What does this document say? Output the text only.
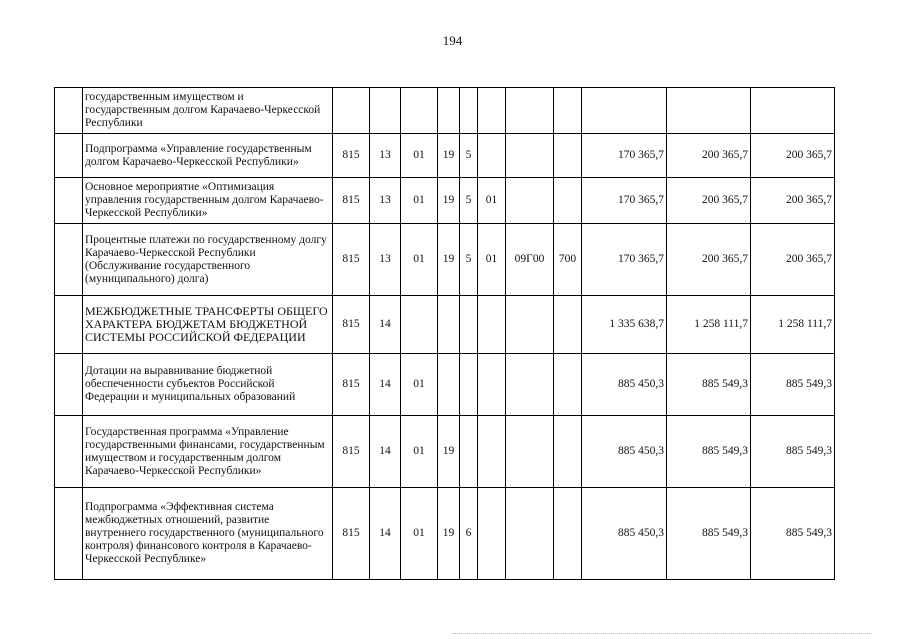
194
	государственным имуществом и государственным долгом Карачаево-Черкесской Республики											
	Подпрограмма «Управление государственным долгом Карачаево-Черкесской Республики»	815	13	01	19	5				170 365,7	200 365,7	200 365,7
	Основное мероприятие «Оптимизация управления государственным долгом Карачаево-Черкесской Республики»	815	13	01	19	5	01			170 365,7	200 365,7	200 365,7
	Процентные платежи по государственному долгу Карачаево-Черкесской Республики (Обслуживание государственного (муниципального) долга)	815	13	01	19	5	01	09Г00	700	170 365,7	200 365,7	200 365,7
	МЕЖБЮДЖЕТНЫЕ ТРАНСФЕРТЫ ОБЩЕГО ХАРАКТЕРА БЮДЖЕТАМ БЮДЖЕТНОЙ СИСТЕМЫ РОССИЙСКОЙ ФЕДЕРАЦИИ	815	14							1 335 638,7	1 258 111,7	1 258 111,7
	Дотации на выравнивание бюджетной обеспеченности субъектов Российской Федерации и муниципальных образований	815	14	01						885 450,3	885 549,3	885 549,3
	Государственная программа «Управление государственными финансами, государственным имуществом и государственным долгом Карачаево-Черкесской Республики»	815	14	01	19					885 450,3	885 549,3	885 549,3
	Подпрограмма «Эффективная система межбюджетных отношений, развитие внутреннего государственного (муниципального контроля) финансового контроля в Карачаево-Черкесской Республике»	815	14	01	19	6				885 450,3	885 549,3	885 549,3
